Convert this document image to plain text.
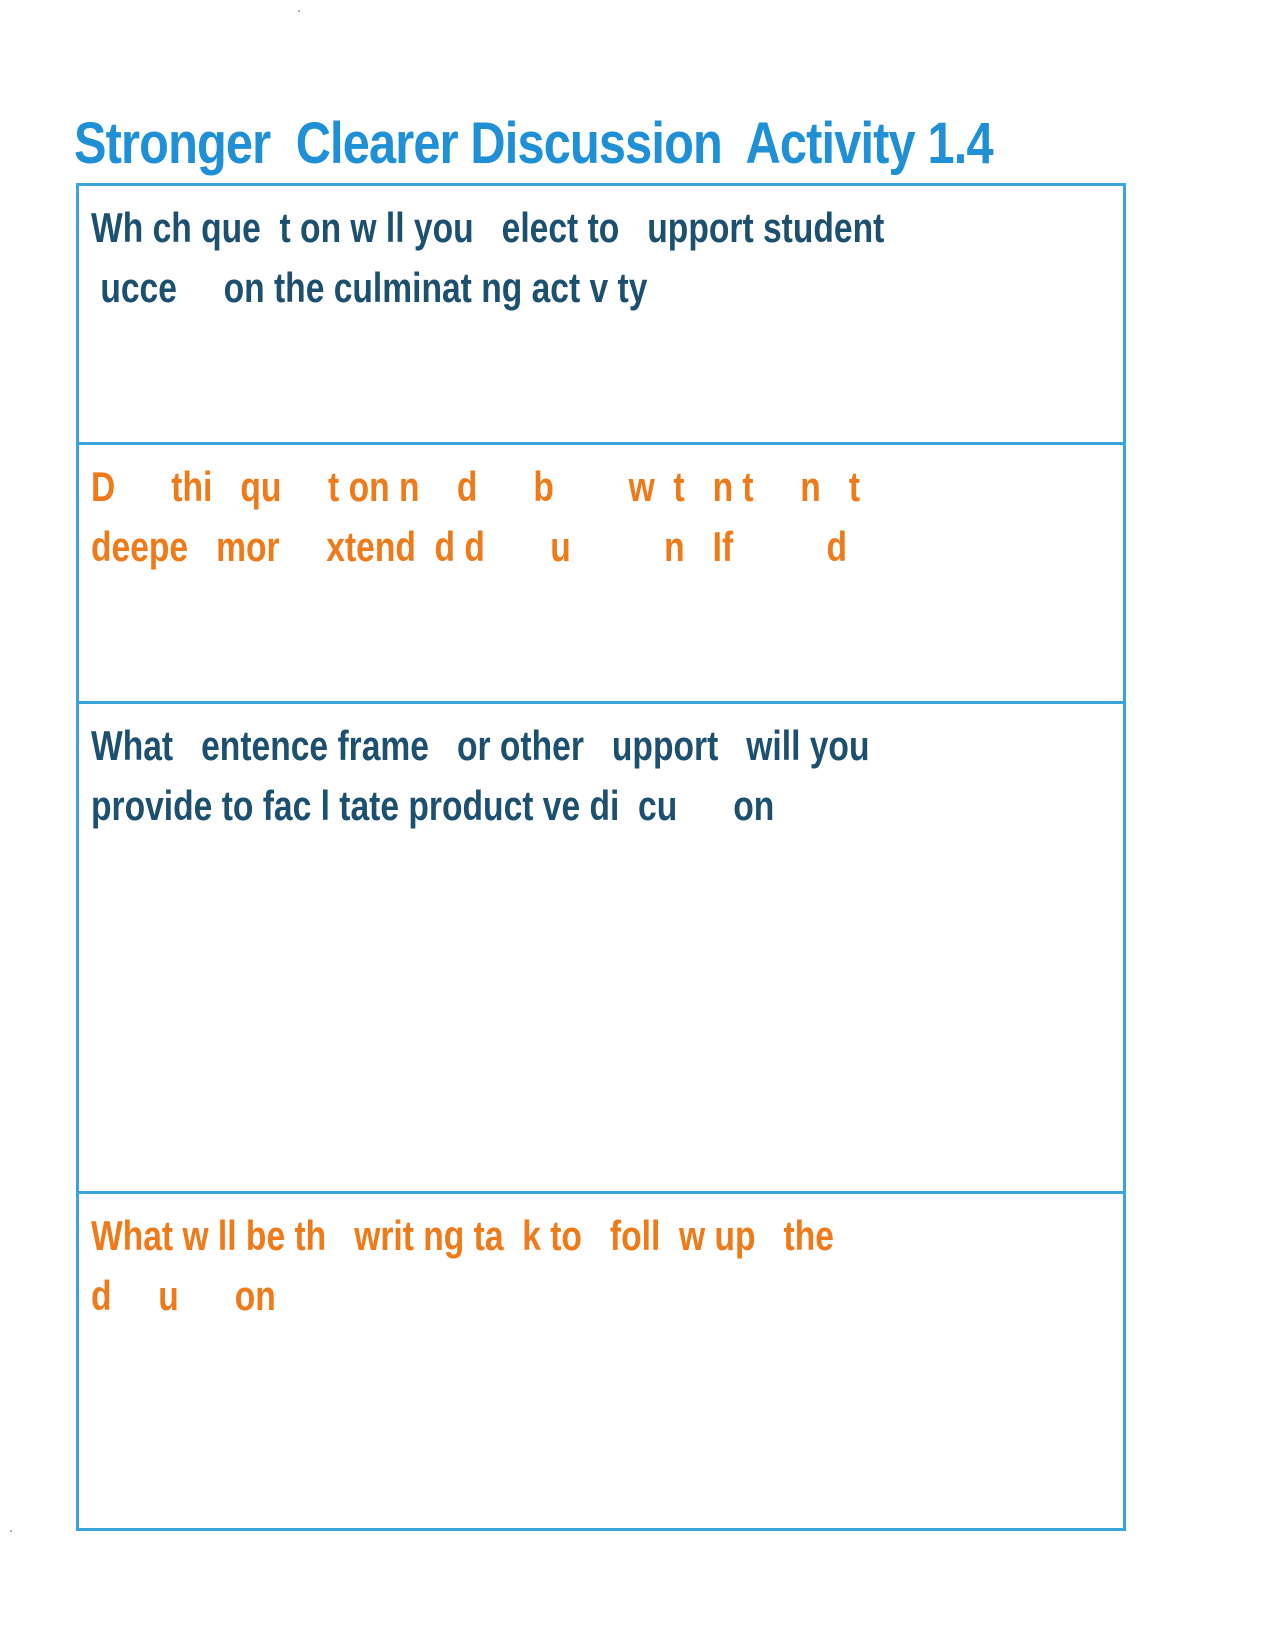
Stronger  Clearer Discussion  Activity 1.4

Wh ch que  t on w ll you   elect to   upport student
ucce     on the culminat ng act v ty

D      thi   qu     t on n    d      b        w  t   n t     n   t
deepe   mor     xtend  d d       u          n   If          d

What   entence frame   or other   upport   will you
provide to fac l tate product ve di  cu      on

What w ll be th   writ ng ta  k to   foll  w up   the
d     u      on
